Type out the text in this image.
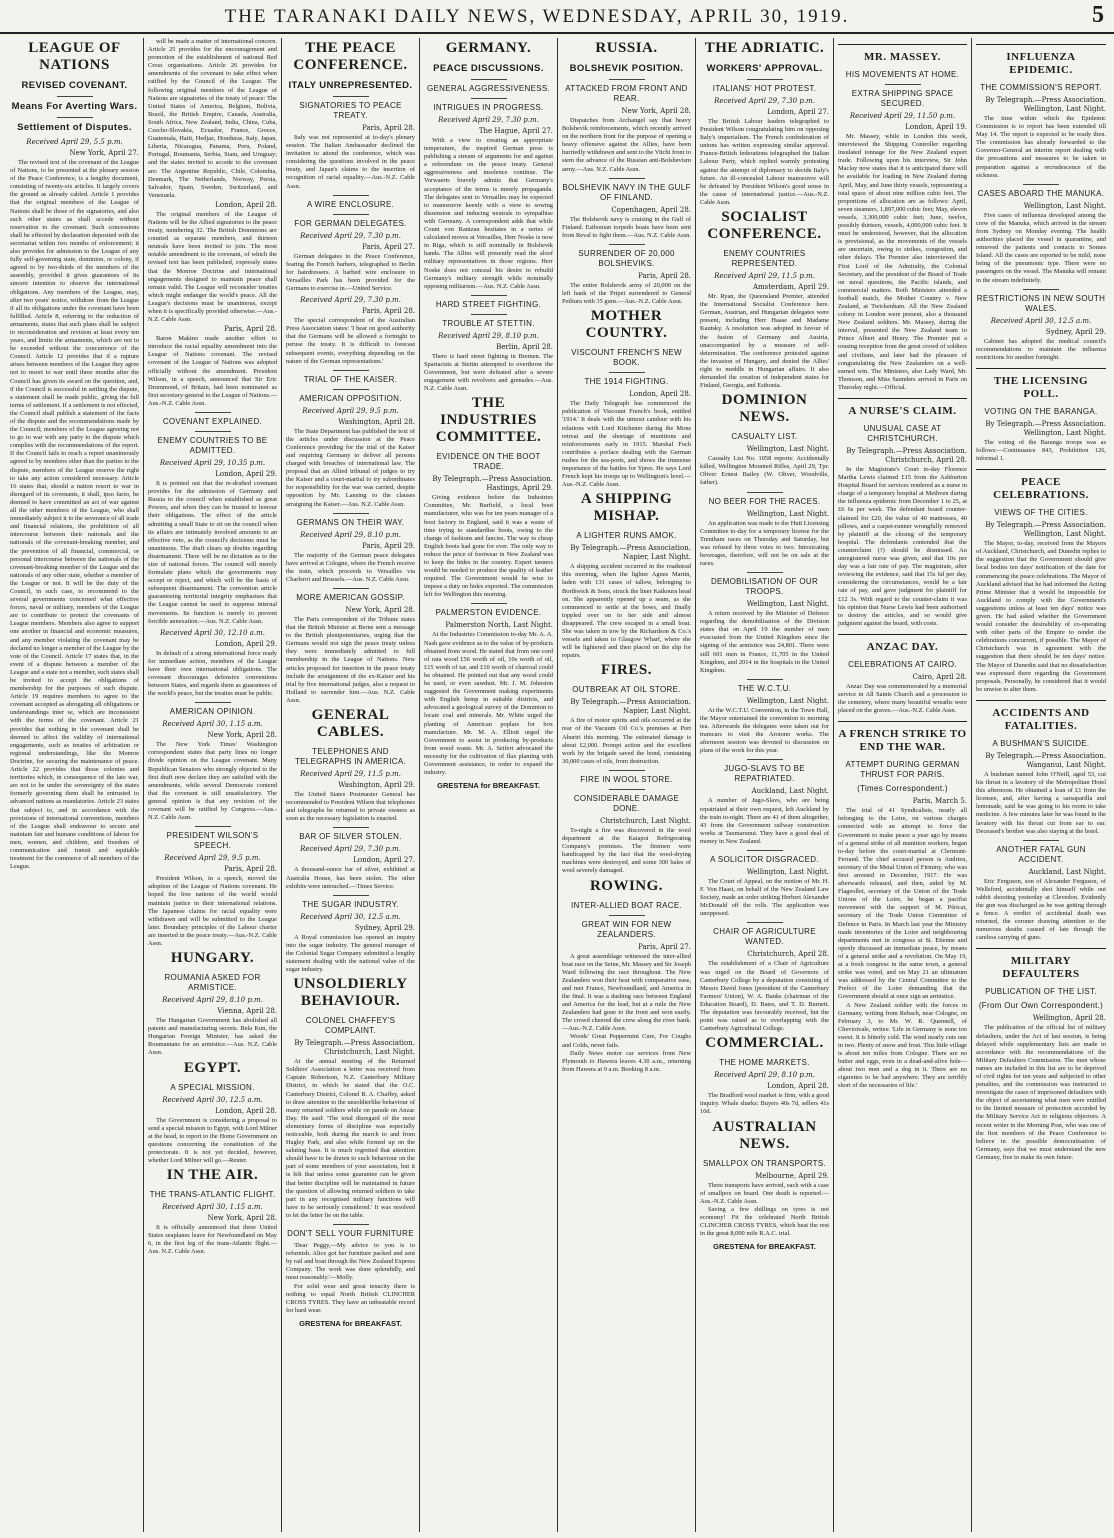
THE TARANAKI DAILY NEWS, WEDNESDAY, APRIL 30, 1919.	5
LEAGUE OF NATIONS
REVISED COVENANT.
Means For Averting Wars.
Settlement of Disputes.
Received April 29, 5.5 p.m.
New York, April 27.
The revised text of the covenant of the League of Nations, to be presented at the plenary session of the Peace Conference, is a lengthy document, consisting of twenty-six articles. It largely covers the ground as already cabled. Article 1 provides that the original members of the League of Nations shall be those of the signatories, and also such other states as shall accede without reservation to the covenant. Such concessions shall be effected by declaration deposited with the secretariat within two months of enforcement; it also provides for admission to the League of any fully self-governing state, dominion, or colony, if agreed to by two-thirds of the members of the assembly, provided it gives guarantees of its sincere intention to observe the international obligations. Any members of the League, may, after two years' notice, withdraw from the League if all its obligations under the covenant have been fulfilled. Article 8, referring to the reduction of armaments, states that such plans shall be subject to reconsideration and revision at least every ten years, and limits the armaments, which are not to be exceeded without the concurrence of the Council. Article 12 provides that if a rupture arises between members of the League they agree not to resort to war until three months after the Council has given its award on the question, and, if the Council is successful in settling the dispute, a statement shall be made public, giving the full terms of settlement. If a settlement is not effected, the Council shall publish a statement of the facts of the dispute and the recommendations made by the Council; members of the League agreeing not to go to war with any party to the dispute which complies with the recommendations of the report. If the Council fails to reach a report unanimously agreed to by members other than the parties to the dispute, members of the League reserve the right to take any action considered necessary. Article 16 states that, should a nation resort to war in disregard of its covenants, it shall, ipso facto, be deemed to have committed an act of war against all the other members of the League, who shall immediately subject it to the severance of all trade and financial relations, the prohibition of all intercourse between their nationals and the nationals of the covenant-breaking member, and the prevention of all financial, commercial, or personal intercourse between the nationals of the covenant-breaking member of the League and the nationals of any other state, whether a member of the League or not. It will be the duty of the Council, in such case, to recommend to the several governments concerned what effective forces, naval or military, members of the League are to contribute to protect the covenants of League members. Members also agree to support one another in financial and economic measures, and any member violating the covenant may be declared no longer a member of the League by the vote of the Council. Article 17 states that, in the event of a dispute between a member of the League and a state not a member, such states shall be invited to accept the obligations of membership for the purposes of such dispute. Article 19 requires members to agree to the covenant accepted as abrogating all obligations or understandings inter se, which are inconsistent with the terms of the covenant. Article 21 provides that nothing in the covenant shall be deemed to affect the validity of international engagements, such as treaties of arbitration or regional understandings, like the Monroe Doctrine, for securing the maintenance of peace. Article 22 provides that those colonies and territories which, in consequence of the late war, are not to be under the sovereignty of the states formerly governing them shall be entrusted to advanced nations as mandatories. Article 23 states that subject to, and in accordance with the provisions of international conventions, members of the League shall endeavour to secure and maintain fair and humane conditions of labour for men, women, and children, and freedom of communication and transit and equitable treatment for the commerce of all members of the League.
will be made a matter of international concern. Article 25 provides for the encouragement and promotion of the establishment of national Red Cross organisations. Article 26 provides for amendments of the covenant to take effect when ratified by the Council of the League. The following original members of the League of Nations are signatories of the treaty of peace: The United States of America, Belgium, Bolivia, Brazil, the British Empire, Canada, Australia, South Africa, New Zealand, India, China, Cuba, Czecho-Slovakia, Ecuador, France, Greece, Guatemala, Haiti, Hedjaz, Honduras, Italy, Japan, Liberia, Nicaragua, Panama, Peru, Poland, Portugal, Roumania, Serbia, Siam, and Uruguay; and the states invited to accede to the covenant are: The Argentine Republic, Chile, Colombia, Denmark, The Netherlands, Norway, Persia, Salvador, Spain, Sweden, Switzerland, and Venezuela.
London, April 28.
The original members of the League of Nations will be the Allied signatories to the peace treaty, numbering 32. The British Dominions are counted as separate members, and thirteen neutrals have been invited to join. The most notable amendment to the covenant, of which the revised text has been published, expressly states that the Monroe Doctrine and international engagements designed to maintain peace shall remain valid. The League will reconsider treaties which might endanger the world's peace. All the League's decisions must be unanimous, except when it is specifically provided otherwise.—Aus.-N.Z. Cable Assn.
Paris, April 28.
Baron Makino made another effort to introduce the racial equality amendment into the League of Nations covenant. The revised covenant of the League of Nations was adopted officially without the amendment. President Wilson, in a speech, announced that Sir Eric Drummond, of Britain, had been nominated as first secretary-general to the League of Nations.—Aus.-N.Z. Cable Assn.
COVENANT EXPLAINED.
ENEMY COUNTRIES TO BE ADMITTED.
Received April 29, 10.35 p.m.
London, April 29.
It is pointed out that the re-drafted covenant provides for the admission of Germany and Russia to the council when established as great Powers, and when they can be trusted to honour their obligations. The effect of the article admitting a small State to sit on the council when its affairs are intimately involved amounts to an effective veto, as the council's decisions must be unanimous. The draft clears up doubts regarding disarmament. There will be no dictation as to the size of national forces. The council will merely formulate plans which the governments may accept or reject, and which will be the basis of subsequent disarmament. The convention article guaranteeing territorial integrity emphasises that the League cannot be used to suppress internal movements. Its function is merely to prevent forcible annexation.—Aus. N.Z. Cable Assn.
Received April 30, 12.10 a.m.
London, April 29.
In default of a strong international force ready for immediate action, members of the League have their own international obligations. The covenant discourages defensive conventions between States, and regards them as guarantees of the world's peace, but the treaties must be public.
AMERICAN OPINION.
Received April 30, 1.15 a.m.
New York, April 28.
The New York Times' Washington correspondent states that party lines no longer divide opinion on the League covenant. Many Republican Senators who strongly objected to the first draft now declare they are satisfied with the amendments, while several Democrats contend that the covenant is still unsatisfactory. The general opinion is that any revision of the covenant will be ratified by Congress.—Aus.-N.Z. Cable Assn.
PRESIDENT WILSON'S SPEECH.
Received April 29, 9.5 p.m.
Paris, April 28.
President Wilson, in a speech, moved the adoption of the League of Nations covenant. He hoped the free nations of the world would maintain justice in their international relations. The Japanese claims for racial equality were withdrawn and will be submitted to the League later. Boundary principles of the Labour charter are inserted in the peace treaty.—Aus.-N.Z. Cable Assn.
HUNGARY.
ROUMANIA ASKED FOR ARMISTICE.
Received April 29, 8.10 p.m.
Vienna, April 28.
The Hungarian Government has abolished all patents and manufacturing secrets. Bela Kun, the Hungarian Foreign Minister, has asked the Roumanians for an armistice.—Aus. N.Z. Cable Assn.
EGYPT.
A SPECIAL MISSION.
Received April 30, 12.5 a.m.
London, April 28.
The Government is considering a proposal to send a special mission to Egypt, with Lord Milner at the head, to report to the Home Government on questions concerning the constitution of the protectorate. It is not yet decided, however, whether Lord Milner will go.—Reuter.
IN THE AIR.
THE TRANS-ATLANTIC FLIGHT.
Received April 30, 1.15 a.m.
New York, April 28.
It is officially announced that three United States seaplanes leave for Newfoundland on May 6, in the first leg of the trans-Atlantic flight.—Aus. N.Z. Cable Assn.
THE PEACE CONFERENCE.
ITALY UNREPRESENTED.
SIGNATORIES TO PEACE TREATY.
Paris, April 28.
Italy was not represented at to-day's plenary session. The Italian Ambassador declined the invitation to attend the conference, which was considering the questions involved in the peace treaty, and Japan's claims to the insertion of recognition of racial equality.—Aus.-N.Z. Cable Assn.
A WIRE ENCLOSURE.
FOR GERMAN DELEGATES.
Received April 29, 7.30 p.m.
Paris, April 27.
German delegates to the Peace Conference, fearing the French barbers, telegraphed to Berlin for hairdressers. A barbed wire enclosure in Versailles Park has been provided for the Germans to exercise in.—United Service.
Received April 29, 7.30 p.m.
Paris, April 28.
The special correspondent of the Australian Press Association states: 'I hear on good authority that the Germans will be allowed a fortnight to peruse the treaty. It is difficult to forecast subsequent events, everything depending on the nature of the German representations.'
TRIAL OF THE KAISER.
AMERICAN OPPOSITION.
Received April 29, 9.5 p.m.
Washington, April 28.
The State Department has published the text of the articles under discussion at the Peace Conference providing for the trial of the Kaiser and requiring Germany to deliver all persons charged with breaches of international law. The proposal that an Allied tribunal of judges to try the Kaiser and a court-martial to try subordinates for responsibility for the war was carried, despite opposition by Mr. Lansing to the clauses arraigning the Kaiser.—Aus. N.Z. Cable Assn.
GERMANS ON THEIR WAY.
Received April 29, 8.10 p.m.
Paris, April 29.
The majority of the German peace delegates have arrived at Cologne, where the French receive the train, which proceeds to Versailles via Charleroi and Brussels.—Aus. N.Z. Cable Assn.
MORE AMERICAN GOSSIP.
New York, April 28.
The Paris correspondent of the Tribune states that the British Minister at Berne sent a message to the British plenipotentiaries, urging that the Germans would not sign the peace treaty unless they were immediately admitted to full membership in the League of Nations. New articles proposed for insertion in the peace treaty include the arraignment of the ex-Kaiser and his trial by five international judges, also a request to Holland to surrender him.—Aus. N.Z. Cable Assn.
GENERAL CABLES.
TELEPHONES AND TELEGRAPHS IN AMERICA.
Received April 29, 11.5 p.m.
Washington, April 29.
The United States Postmaster General has recommended to President Wilson that telephones and telegraphs be returned to private owners as soon as the necessary legislation is enacted.
BAR OF SILVER STOLEN.
Received April 29, 7.30 p.m.
London, April 27.
A thousand-ounce bar of silver, exhibited at Australia House, has been stolen. The other exhibits were untouched.—Times Service.
THE SUGAR INDUSTRY.
Received April 30, 12.5 a.m.
Sydney, April 29.
A Royal commission has opened an inquiry into the sugar industry. The general manager of the Colonial Sugar Company submitted a lengthy statement dealing with the national value of the sugar industry.
UNSOLDIERLY BEHAVIOUR.
COLONEL CHAFFEY'S COMPLAINT.
By Telegraph.—Press Association. Christchurch, Last Night.
At the annual meeting of the Returned Soldiers' Association a letter was received from Captain Robertson, N.Z. Canterbury Military District, in which he stated that the O.C. Canterbury District, Colonel R. A. Chaffey, asked to draw attention to the unsoldierlike behaviour of many returned soldiers while on parade on Anzac Day. He said: 'The total disregard of the most elementary forms of discipline was especially noticeable, both during the march to and from Hagley Park, and also while formed up on the saluting base. It is much regretted that attention should have to be drawn to such behaviour on the part of some members of your association, but it is felt that unless some guarantee can be given that better discipline will be maintained in future the question of allowing returned soldiers to take part in any recognised military functions will have to be seriously considered.' It was resolved to let the letter lie on the table.
DON'T SELL YOUR FURNITURE
'Dear Peggy,—My advice to you is to refurnish. Alice got her furniture packed and sent by rail and boat through the New Zealand Express Company. The work was done splendidly, and most reasonably.'—Molly.
For solid wear and great tenacity there is nothing to equal North British CLINCHER CROSS TYRES. They have an unbeatable record for hard wear.
GRESTENA for BREAKFAST.
GERMANY.
PEACE DISCUSSIONS.
GENERAL AGGRESSIVENESS.
INTRIGUES IN PROGRESS.
Received April 29, 7.30 p.m.
The Hague, April 27.
With a view to creating an appropriate temperature, the inspired German press is publishing a stream of arguments for and against a referendum on the peace treaty. General aggressiveness and insolence continue. The Vorwaerts bravely admits that Germany's acceptance of the terms is merely propaganda. The delegates sent to Versailles may be expected to manoeuvre keenly with a view to sowing dissension and inducing neutrals to sympathise with Germany. A correspondent adds that while Count von Rantzau hesitates in a series of calculated moves at Versailles, Herr Noske is now in Riga, which is still nominally in Bolshevik hands. The Allies will presently read the aloof military representatives in those regions. Herr Noske does not conceal his desire to rebuild Germany's military strength while nominally opposing militarism.—Aus. N.Z. Cable Assn.
HARD STREET FIGHTING.
TROUBLE AT STETTIN.
Received April 29, 8.10 p.m.
Berlin, April 28.
There is hard street fighting in Bremen. The Spartacists at Stettin attempted to overthrow the Government, but were defeated after a severe engagement with revolvers and grenades.—Aus. N.Z. Cable Assn.
THE INDUSTRIES COMMITTEE.
EVIDENCE ON THE BOOT TRADE.
By Telegraph.—Press Association. Hastings, April 29.
Giving evidence before the Industries Committee, Mr. Burfield, a local boot manufacturer, who was for ten years manager of a boot factory in England, said it was a waste of time trying to standardise boots, owing to the change of fashions and fancies. The way to cheap English boots had gone for ever. The only way to reduce the price of footwear in New Zealand was to keep the hides in the country. Expert tanners would be needed to produce the quality of leather required. The Government would be wise to impose a duty on hides exported. The commission left for Wellington this morning.
PALMERSTON EVIDENCE.
Palmerston North, Last Night.
At the Industries Commission to-day Mr. A. A. Nash gave evidence as to the value of by-products obtained from wood. He stated that from one cord of rata wood £56 worth of oil, 10s worth of oil, £15 worth of tar, and £10 worth of charcoal could be obtained. He pointed out that any wood could be used, or even sawdust. Mr. J. M. Johnston suggested the Government making experiments with English hemp in suitable districts, and advocated a geological survey of the Dominion to locate coal and minerals. Mr. White urged the planting of American poplars for box manufacture. Mr. M. A. Elliott urged the Government to assist in producing by-products from wood waste. Mr. A. Seifert advocated the necessity for the cultivation of flax planting with Government assistance, in order to expand the industry.
GRESTENA for BREAKFAST.
RUSSIA.
BOLSHEVIK POSITION.
ATTACKED FROM FRONT AND REAR.
New York, April 28.
Dispatches from Archangel say that heavy Bolshevik reinforcements, which recently arrived on the northern front for the purpose of opening a heavy offensive against the Allies, have been hurriedly withdrawn and sent to the Vitchi front to stem the advance of the Russian anti-Bolshevism army.—Aus. N.Z. Cable Assn.
BOLSHEVIK NAVY IN THE GULF OF FINLAND.
Copenhagen, April 28.
The Bolshevik navy is cruising in the Gulf of Finland. Esthonian torpedo boats have been sent from Reval to fight them.—Aus. N.Z. Cable Assn.
SURRENDER OF 20,000 BOLSHEVIKS.
Paris, April 28.
The entire Bolshevik army of 20,000 on the left bank of the Pripet surrendered to General Petliura with 35 guns.—Aus.-N.Z. Cable Assn.
MOTHER COUNTRY.
VISCOUNT FRENCH'S NEW BOOK.
THE 1914 FIGHTING.
London, April 28.
The Daily Telegraph has commenced the publication of Viscount French's book, entitled '1914.' It deals with the utmost candour with his relations with Lord Kitchener during the Mons retreat and the shortage of munitions and reinforcements early in 1915. Marshal Foch contributes a preface dealing with the German rushes for the sea-ports, and shows the immense importance of the battles for Ypres. He says Lord French kept his troops up to Wellington's level.—Aus.-N.Z. Cable Assn.
A SHIPPING MISHAP.
A LIGHTER RUNS AMOK.
By Telegraph.—Press Association. Napier, Last Night.
A shipping accident occurred in the roadstead this morning, when the lighter Agnes Martin, laden with 131 cases of tallow, belonging to Borthwick & Sons, struck the liner Kaikoura head on. She apparently opened up a seam, as she commenced to settle at the bows, and finally toppled over on to her side and almost disappeared. The crew escaped in a small boat. She was taken in tow by the Richardson & Co.'s vessels and taken to Glasgow Wharf, where she will be lightered and then placed on the slip for repairs.
FIRES.
OUTBREAK AT OIL STORE.
By Telegraph.—Press Association. Napier, Last Night.
A fire of motor spirits and oils occurred at the rear of the Vacuum Oil Co.'s premises at Port Ahuriri this morning. The estimated damage is about £2,000. Prompt action and the excellent work by the brigade saved the bond, containing 30,000 cases of oils, from destruction.
FIRE IN WOOL STORE.
CONSIDERABLE DAMAGE DONE.
Christchurch, Last Night.
To-night a fire was discovered in the wool department at the Kaiapoi Refrigerating Company's premises. The firemen were handicapped by the fact that the wool-drying machines were destroyed, and some 300 bales of wool severely damaged.
ROWING.
INTER-ALLIED BOAT RACE.
GREAT WIN FOR NEW ZEALANDERS.
Paris, April 27.
A great assemblage witnessed the inter-allied boat race on the Seine, Mr. Massey and Sir Joseph Ward following the race throughout. The New Zealanders won their heat with comparative ease, and met France, Newfoundland, and America in the final. It was a dashing race between England and America for the lead, but at a mile the New Zealanders had gone to the front and won easily. The crowd cheered the crew along the river bank.—Aus.-N.Z. Cable Assn.
Woods' Great Peppermint Cure, For Coughs and Colds, never fails.
Daily News motor car services from New Plymouth to Hawera leaves 4.30 a.m., returning from Hawera at 9 a.m. Booking 8 a.m.
THE ADRIATIC.
WORKERS' APPROVAL.
ITALIANS' HOT PROTEST.
Received April 29, 7.30 p.m.
London, April 27.
The British Labour leaders telegraphed to President Wilson congratulating him on opposing Italy's imperialism. The French confederation of unions has written expressing similar approval. France-British federations telegraphed the Italian Labour Party, which replied warmly protesting against the attempt of diplomacy to decide Italy's future. An ill-concealed Labour manoeuvre will be defeated by President Wilson's good sense in the cause of international justice.—Aus.-N.Z. Cable Assn.
SOCIALIST CONFERENCE.
ENEMY COUNTRIES REPRESENTED.
Received April 29, 11.5 p.m.
Amsterdam, April 29.
Mr. Ryan, the Queensland Premier, attended the International Socialist Conference here. German, Austrian, and Hungarian delegates were present, including Herr Haase and Madame Kautsky. A resolution was adopted in favour of the fusion of Germany and Austria, unaccompanied by a measure of self-determination. The conference protested against the invasion of Hungary, and denied the Allies' right to meddle in Hungarian affairs. It also demanded the creation of independent states for Finland, Georgia, and Esthonia.
DOMINION NEWS.
CASUALTY LIST.
Wellington, Last Night.
Casualty List No. 1058 reports: Accidentally killed, Wellington Mounted Rifles, April 29, Tpr. Oliver Ernest Bailey (W. Oliver, Woodville, father).
NO BEER FOR THE RACES.
Wellington, Last Night.
An application was made to the Hutt Licensing Committee to-day for a temporary license for the Trentham races on Thursday and Saturday, but was refused by three votes to two. Intoxicating beverages, therefore, will not be on sale at the races.
DEMOBILISATION OF OUR TROOPS.
Wellington, Last Night.
A return received by the Minister of Defence regarding the demobilisation of the Division states that on April 19 the number of men evacuated from the United Kingdom since the signing of the armistice was 24,801. There were still 601 men in France, 11,705 in the United Kingdom, and 2014 in the hospitals in the United Kingdom.
THE W.C.T.U.
Wellington, Last Night.
At the W.C.T.U. Convention, in the Town Hall, the Mayor entertained the convention to morning tea. Afterwards the delegates were taken out for tramcars to visit the Arotono works. The afternoon session was devoted to discussion on plans of the work for this year.
JUGO-SLAVS TO BE REPATRIATED.
Auckland, Last Night.
A number of Jugo-Slavs, who are being repatriated at their own request, left Auckland by the train to-night. There are 41 of them altogether, 43 from the Government railway construction works at Taumarunui. They have a good deal of money in New Zealand.
A SOLICITOR DISGRACED.
Wellington, Last Night.
The Court of Appeal, on the motion of Mr. H. F. Von Haast, on behalf of the New Zealand Law Society, made an order striking Herbert Alexander McDonald off the rolls. The application was unopposed.
CHAIR OF AGRICULTURE WANTED.
Christchurch, April 28.
The establishment of a Chair of Agriculture was urged on the Board of Governors of Canterbury College by a deputation consisting of Messrs David Jones (president of the Canterbury Farmers' Union), W. A. Banks (chairman of the Education Board), D. Bates, and T. D. Burnett. The deputation was favourably received, but the point was raised as to overlapping with the Canterbury Agricultural College.
COMMERCIAL.
THE HOME MARKETS.
Received April 29, 8.10 p.m.
London, April 28.
The Bradford wool market is firm, with a good inquiry. Whale sharks: Buyers 40s 7d, sellers 41s 10d.
AUSTRALIAN NEWS.
SMALLPOX ON TRANSPORTS.
Melbourne, April 29.
Three transports have arrived, each with a case of smallpox on board. One death is reported.—Aus.-N.Z. Cable Assn.
Saving a few shillings on tyres is not economy! Fit the celebrated North British CLINCHER CROSS TYRES, which beat the rest in the great 8,000 mile R.A.C. trial.
GRESTENA for BREAKFAST.
MR. MASSEY.
HIS MOVEMENTS AT HOME.
EXTRA SHIPPING SPACE SECURED.
Received April 29, 11.50 p.m.
London, April 19.
Mr. Massey, while in London this week, interviewed the Shipping Controller regarding insulated tonnage for the New Zealand export trade. Following upon his interview, Sir John Maclay now states that it is anticipated there will be available for loading in New Zealand during April, May, and June thirty vessels, representing a total space of about nine million cubic feet. The proportions of allocation are as follows: April, seven steamers, 1,897,000 cubic feet; May, eleven vessels, 3,300,000 cubic feet; June, twelve, possibly thirteen, vessels, 4,000,000 cubic feet. It must be understood, however, that the allocation is provisional, as the movements of the vessels are uncertain, owing to strikes, congestion, and other delays. The Premier also interviewed the First Lord of the Admiralty, the Colonial Secretary, and the president of the Board of Trade on naval questions, the Pacific islands, and commercial matters. Both Ministers attended a football match, the Mother Country v. New Zealand, at Twickenham. All the New Zealand colony in London were present, also a thousand New Zealand soldiers. Mr. Massey, during the interval, presented the New Zealand team to Prince Albert and Henry. The Premier put a rousing reception from the great crowd of soldiers and civilians, and later had the pleasure of congratulating the New Zealanders on a well-earned win. The Ministers, also Lady Ward, Mr. Thomson, and Miss Saunders arrived in Paris on Thursday night.—Official.
A NURSE'S CLAIM.
UNUSUAL CASE AT CHRISTCHURCH.
By Telegraph.—Press Association. Christchurch, April 28.
In the Magistrate's Court to-day Florence Martha Lewis claimed £15 from the Ashburton Hospital Board for services rendered as a nurse in charge of a temporary hospital at Methven during the influenza epidemic from December 1 to 25, at £6 6s per week. The defendant board counter-claimed for £20, the value of 40 mattresses, 40 pillows, and a carpet-runner wrongfully removed by plaintiff at the closing of the temporary hospital. The defendants contended that the counterclaim (?) should be dismissed. An unregistered nurse was given, and that 10s per day was a fair rate of pay. The magistrate, after reviewing the evidence, said that 15s 6d per day, considering the circumstances, would be a fair rate of pay, and gave judgment for plaintiff for £12 3s. With regard to the counter-claim it was his opinion that Nurse Lewis had been authorised to destroy the articles, and so would give judgment against the board, with costs.
ANZAC DAY.
CELEBRATIONS AT CAIRO.
Cairo, April 28.
Anzac Day was commemorated by a memorial service in All Saints Church and a procession to the cemetery, where many beautiful wreaths were placed on the graves.—Aus.-N.Z. Cable Assn.
A FRENCH STRIKE TO END THE WAR.
ATTEMPT DURING GERMAN THRUST FOR PARIS.
(Times Correspondent.)
Paris, March 5.
The trial of 41 Syndicalists, nearly all belonging to the Loire, on various charges connected with an attempt to force the Government to make peace a year ago by means of a general strike of all munition workers, began to-day before the court-martial at Clermont-Ferrand. The chief accused person is Andrieu, secretary of the Metal Union of Firminy, who was first arrested in December, 1917. He was afterwards released, and then, aided by M. Flageollet, secretary of the Union of the Trade Unions of the Loire, he began a pacifist movement with the support of M. Péricat, secretary of the Trade Union Committee of Defence in Paris. In March last year the Ministry made inventories of the Loire and neighbouring departments met in congress at St. Etienne and openly discussed an immediate peace, by means of a general strike and a revolution. On May 19, at a fresh congress in the same town, a general strike was voted, and on May 21 an ultimatum was addressed by the Central Committee to the Prefect of the Loire demanding that the Government should at once sign an armistice.
A New Zealand soldier with the forces in Germany, writing from Rebach, near Cologne, on February 3, to Mr. W. R. Quennell, of Cheviotvale, writes: 'Life in Germany is none too sweet. It is bitterly cold. The wind nearly cuts one in two. Plenty of snow and frost. This little village is about ten miles from Cologne. There are no butter and eggs, even in a dead-and-alive hole—about two men and a dog in it. There are no cigarettes to be had anywhere. They are terribly short of the necessaries of life.'
INFLUENZA EPIDEMIC.
THE COMMISSION'S REPORT.
By Telegraph.—Press Association. Wellington, Last Night.
The time within which the Epidemic Commission is to report has been extended till May 14. The report is expected to be ready then. The commission has already forwarded to the Governor-General an interim report dealing with the precautions and measures to be taken in preparation against a recrudescence of the sickness.
CASES ABOARD THE MANUKA.
Wellington, Last Night.
Five cases of influenza developed among the crew of the Manuka, which arrived in the stream from Sydney on Monday evening. The health authorities placed the vessel in quarantine, and removed the patients and contacts to Somes Island. All the cases are reported to be mild, none being of the pneumonic type. There were no passengers on the vessel. The Manuka will remain in the stream indefinitely.
RESTRICTIONS IN NEW SOUTH WALES.
Received April 30, 12.5 a.m.
Sydney, April 29.
Cabinet has adopted the medical council's recommendations to maintain the influenza restrictions for another fortnight.
THE LICENSING POLL.
VOTING ON THE BARANGA.
By Telegraph.—Press Association. Wellington, Last Night.
The voting of the Baranga troops was as follows:—Continuance 843, Prohibition 126, informal 1.
PEACE CELEBRATIONS.
VIEWS OF THE CITIES.
By Telegraph.—Press Association. Wellington, Last Night.
The Mayor, to-day, received from the Mayors of Auckland, Christchurch, and Dunedin replies to the suggestion that the Government should give local bodies ten days' notification of the date for commencing the peace celebrations. The Mayor of Auckland advised that he had informed the Acting Prime Minister that it would be impossible for Auckland to comply with the Government's suggestions unless at least ten days' notice was given. He had asked whether the Government would consider the desirability of co-operating with other parts of the Empire to render the celebrations concurrent, if possible. The Mayor of Christchurch was in agreement with the suggestion that there should be ten days' notice. The Mayor of Dunedin said that no dissatisfaction was expressed there regarding the Government proposals. Personally, he considered that it would be unwise to alter them.
ACCIDENTS AND FATALITIES.
A BUSHMAN'S SUICIDE.
By Telegraph.—Press Association. Wanganui, Last Night.
A bushman named John O'Neill, aged 53, cut his throat in a lavatory of the Metropolitan Hotel this afternoon. He obtained a loan of £1 from the licensee, and, after having a sarsaparilla and lemonade, said he was going to his room to take medicine. A few minutes later he was found in the lavatory with his throat cut from ear to ear. Deceased's brother was also staying at the hotel.
ANOTHER FATAL GUN ACCIDENT.
Auckland, Last Night.
Eric Ferguson, son of Alexander Ferguson, of Wellsford, accidentally shot himself while out rabbit shooting yesterday at Clevedon. Evidently the gun was discharged as he was getting through a fence. A verdict of accidental death was returned, the coroner drawing attention to the numerous deaths caused of late through the careless carrying of guns.
MILITARY DEFAULTERS
PUBLICATION OF THE LIST.
(From Our Own Correspondent.)
Wellington, April 28.
The publication of the official list of military defaulters, under the Act of last session, is being delayed while supplementary lists are made in accordance with the recommendations of the Military Defaulters Commission. The men whose names are included in this list are to be deprived of civil rights for ten years and subjected to other penalties, and the commission was instructed to investigate the cases of imprisoned defaulters with the object of ascertaining what men were entitled to the limited measure of protection accorded by the Military Service Act to religious objectors. A recent writer in the Morning Post, who was one of the first members of the Peace Conference to believe in the possible democratisation of Germany, says that we must understand the new Germany, free to make its own future.
